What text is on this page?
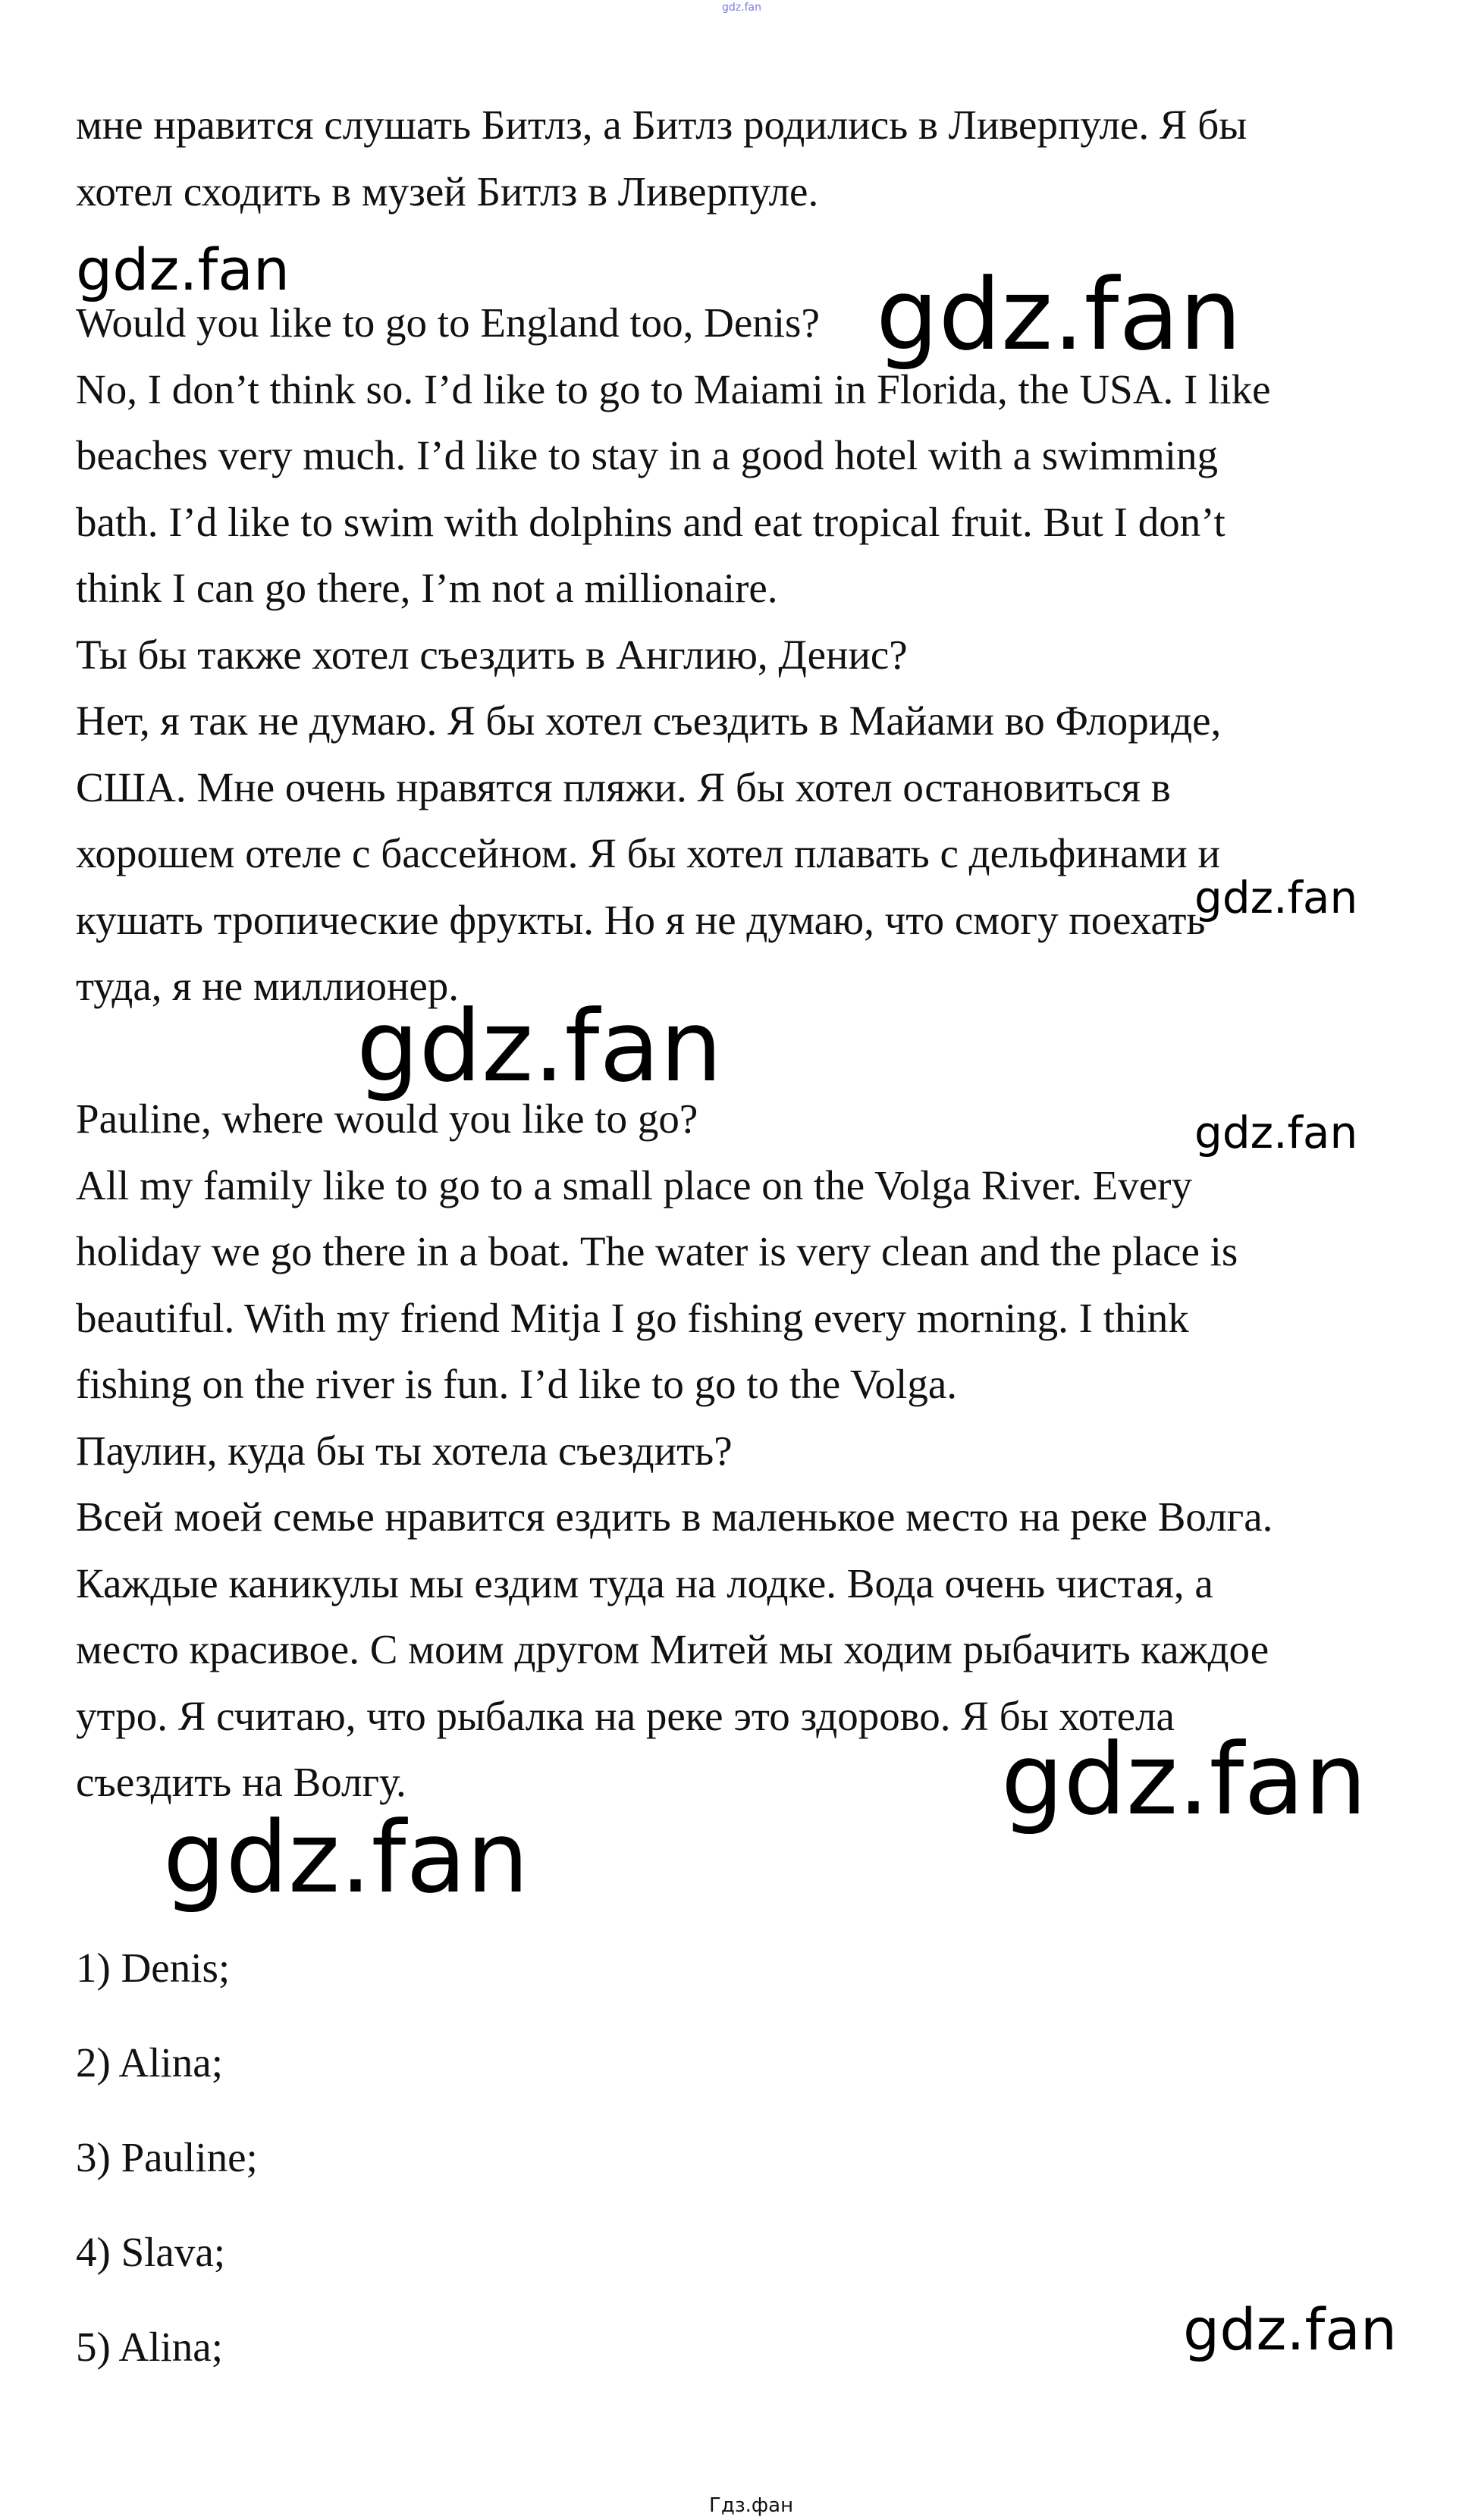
gdz.fan
мне нравится слушать Битлз, а Битлз родились в Ливерпуле. Я бы
хотел сходить в музей Битлз в Ливерпуле.
Would you like to go to England too, Denis?
No, I don’t think so. I’d like to go to Maiami in Florida, the USA. I like
beaches very much. I’d like to stay in a good hotel with a swimming
bath. I’d like to swim with dolphins and eat tropical fruit. But I don’t
think I can go there, I’m not a millionaire.
Ты бы также хотел съездить в Англию, Денис?
Нет, я так не думаю. Я бы хотел съездить в Майами во Флориде,
США. Мне очень нравятся пляжи. Я бы хотел остановиться в
хорошем отеле с бассейном. Я бы хотел плавать с дельфинами и
кушать тропические фрукты. Но я не думаю, что смогу поехать
туда, я не миллионер.
Pauline, where would you like to go?
All my family like to go to a small place on the Volga River. Every
holiday we go there in a boat. The water is very clean and the place is
beautiful. With my friend Mitja I go fishing every morning. I think
fishing on the river is fun. I’d like to go to the Volga.
Паулин, куда бы ты хотела съездить?
Всей моей семье нравится ездить в маленькое место на реке Волга.
Каждые каникулы мы ездим туда на лодке. Вода очень чистая, а
место красивое. С моим другом Митей мы ходим рыбачить каждое
утро. Я считаю, что рыбалка на реке это здорово. Я бы хотела
съездить на Волгу.
1) Denis;
2) Alina;
3) Pauline;
4) Slava;
5) Alina;
gdz.fan	gdz.fan
gdz.fan
gdz.fan
gdz.fan
gdz.fan
gdz.fan
gdz.fan
Гдз.фан
